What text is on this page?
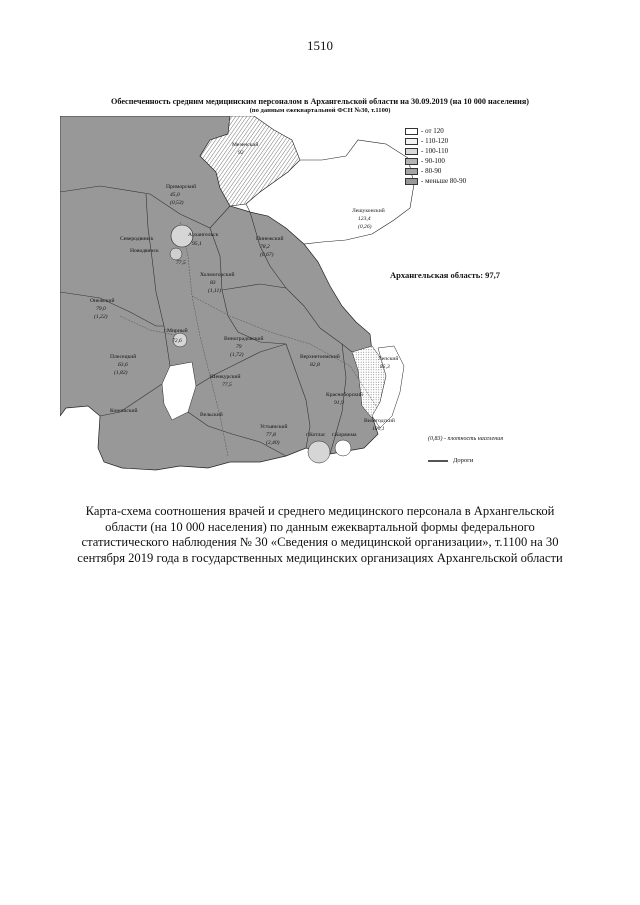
1510
Обеспеченность средним медицинским персоналом в Архангельской области на 30.09.2019 (на 10 000 населения)
(по данным ежеквартальной ФСН №30, т.1100)
Мезенский
92
Приморский
45,0
(0,53)
Лешуконский
123,4
(0,26)
Архангельск
95,1
Северодвинск
Новодвинск
77,5
Пинежский
78,2
(0,67)
Холмогорский
83
(1,11)
Онежский
79,0
(1,22)
г.Мирный
72,6	Виноградовский
79
(1,72)	Верхнетоемский
82,8
Лепский
85,3
Плесецкий
63,6
(1,82)
Шенкурский
77,5
Красноборский
91,9
Коношский
Вельский
Устьянский
77,8
(2,40)
Вилегодский
100,1
г.Котлас г.Коряжма
- от 120
- 110-120
- 100-110
- 90-100
- 80-90
- меньше 80-90
Архангельская область: 97,7
(0,83) - плотность населения
Дороги
Карта-схема соотношения врачей и среднего медицинского персонала в Архангельской
области (на 10 000 населения) по данным ежеквартальной формы федерального
статистического наблюдения № 30 «Сведения о медицинской организации», т.1100 на 30
сентября 2019 года в государственных медицинских организациях Архангельской области
